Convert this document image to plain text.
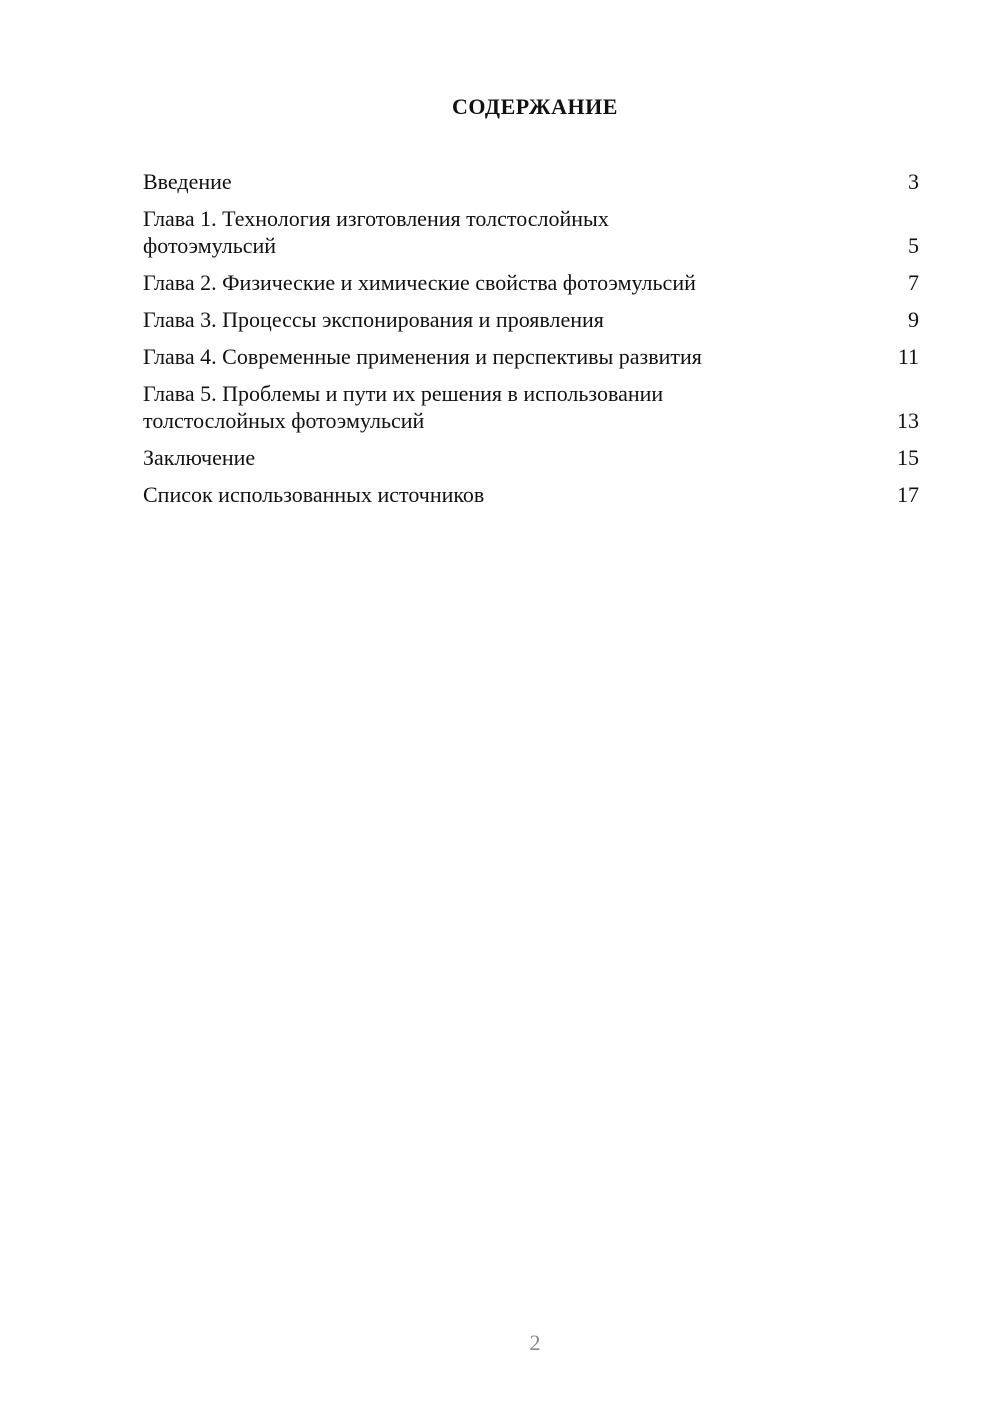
СОДЕРЖАНИЕ
Введение	3
Глава 1. Технология изготовления толстослойных
фотоэмульсий	5
Глава 2. Физические и химические свойства фотоэмульсий	7
Глава 3. Процессы экспонирования и проявления	9
Глава 4. Современные применения и перспективы развития	11
Глава 5. Проблемы и пути их решения в использовании
толстослойных фотоэмульсий	13
Заключение	15
Список использованных источников	17
2
